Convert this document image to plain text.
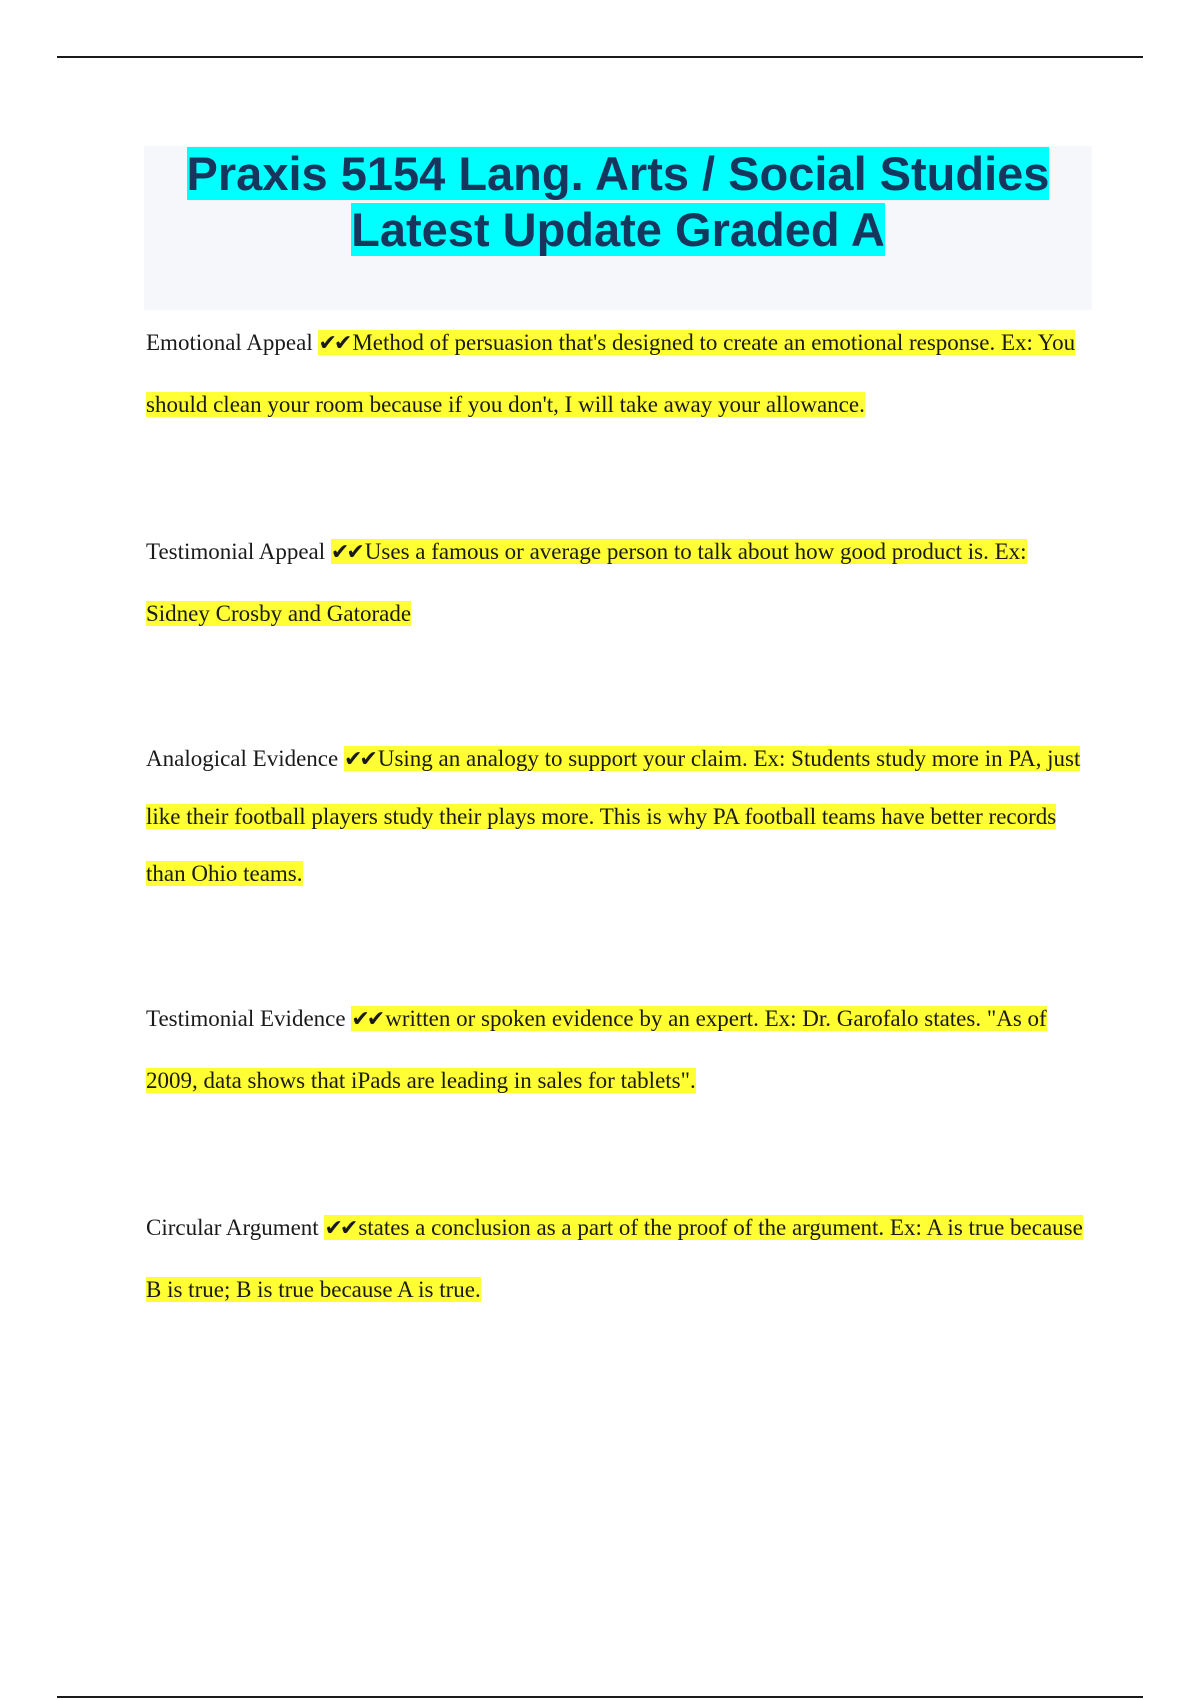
Praxis 5154 Lang. Arts / Social Studies
Latest Update Graded A

Emotional Appeal ✔✔ Method of persuasion that's designed to create an emotional response. Ex: You should clean your room because if you don't, I will take away your allowance.

Testimonial Appeal ✔✔ Uses a famous or average person to talk about how good product is. Ex: Sidney Crosby and Gatorade

Analogical Evidence ✔✔ Using an analogy to support your claim. Ex: Students study more in PA, just like their football players study their plays more. This is why PA football teams have better records than Ohio teams.

Testimonial Evidence ✔✔ written or spoken evidence by an expert. Ex: Dr. Garofalo states. "As of 2009, data shows that iPads are leading in sales for tablets".

Circular Argument ✔✔ states a conclusion as a part of the proof of the argument. Ex: A is true because B is true; B is true because A is true.
